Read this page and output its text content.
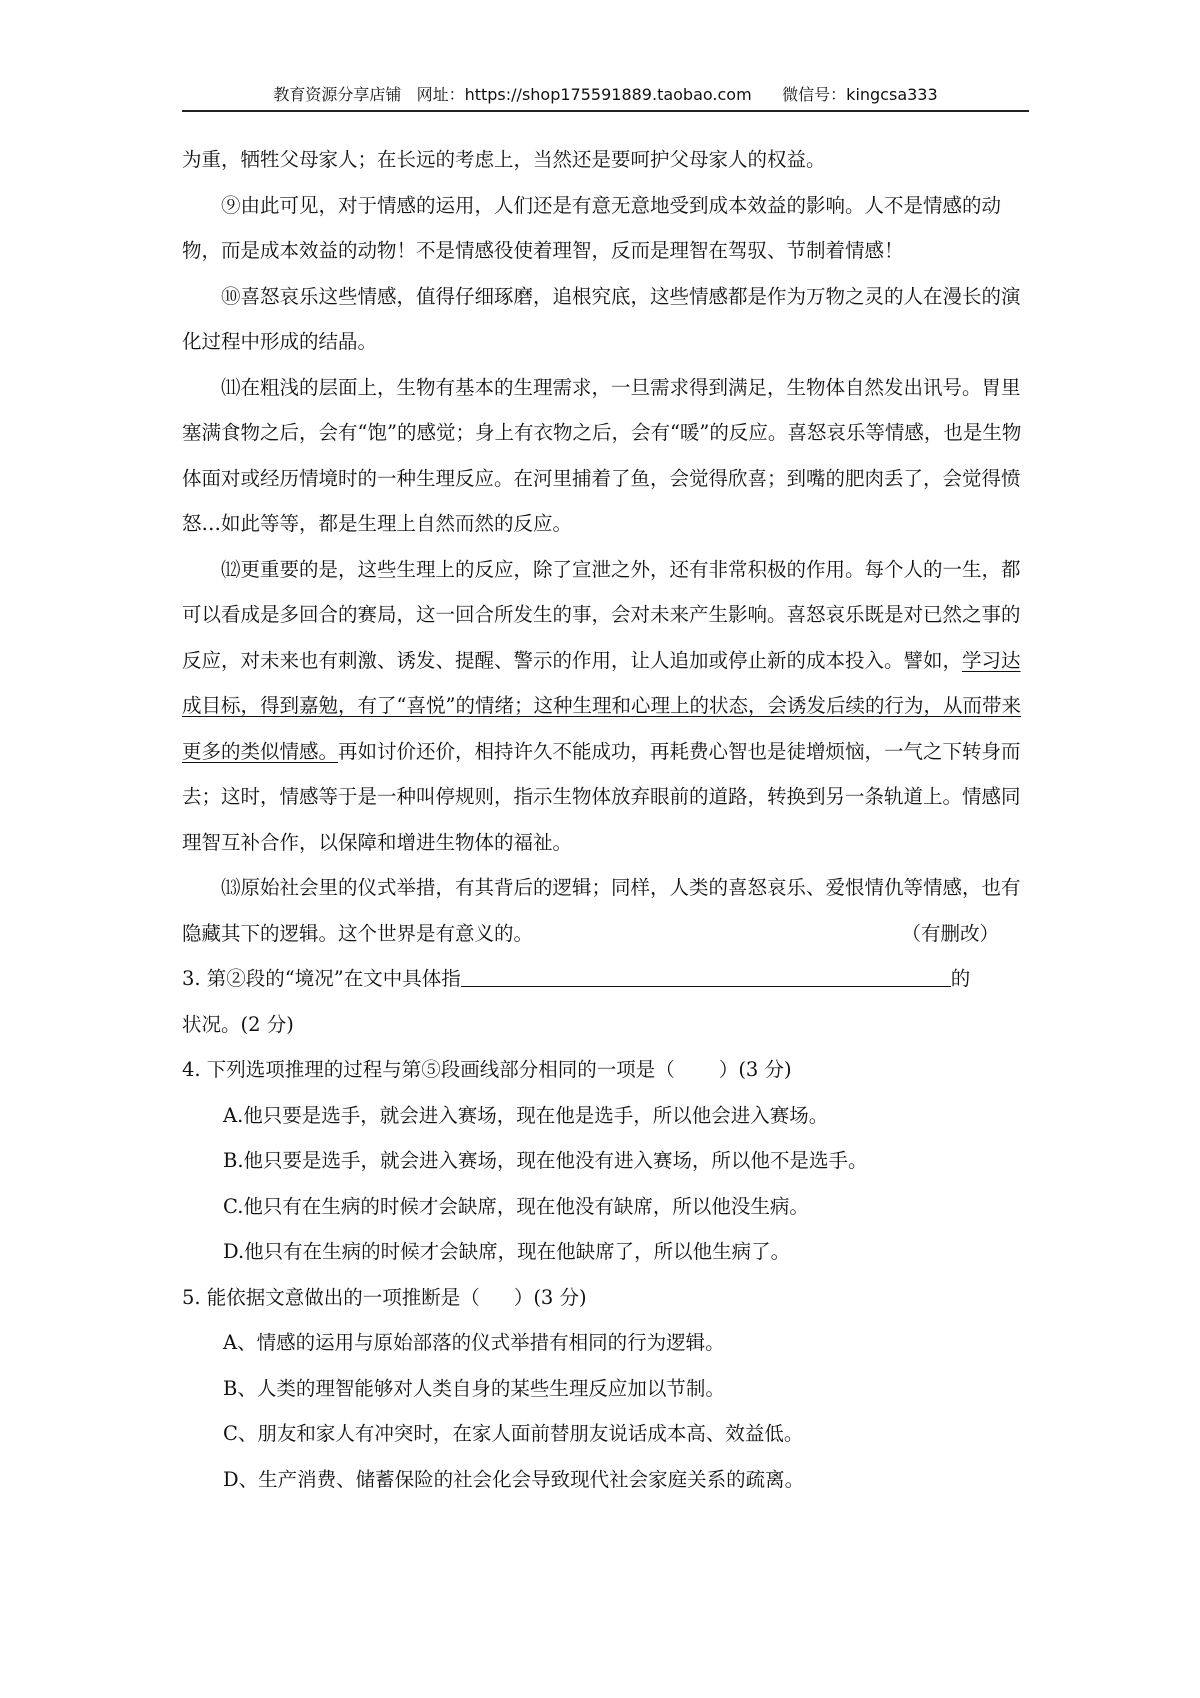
教育资源分享店铺   网址：https://shop175591889.taobao.com      微信号：kingcsa333

为重，牺牲父母家人；在长远的考虑上，当然还是要呵护父母家人的权益。

⑨由此可见，对于情感的运用，人们还是有意无意地受到成本效益的影响。人不是情感的动物，而是成本效益的动物！不是情感役使着理智，反而是理智在驾驭、节制着情感！

⑩喜怒哀乐这些情感，值得仔细琢磨，追根究底，这些情感都是作为万物之灵的人在漫长的演化过程中形成的结晶。

⑾在粗浅的层面上，生物有基本的生理需求，一旦需求得到满足，生物体自然发出讯号。胃里塞满食物之后，会有“饱”的感觉；身上有衣物之后，会有“暖”的反应。喜怒哀乐等情感，也是生物体面对或经历情境时的一种生理反应。在河里捕着了鱼，会觉得欣喜；到嘴的肥肉丢了，会觉得愤怒…如此等等，都是生理上自然而然的反应。

⑿更重要的是，这些生理上的反应，除了宣泄之外，还有非常积极的作用。每个人的一生，都可以看成是多回合的赛局，这一回合所发生的事，会对未来产生影响。喜怒哀乐既是对已然之事的反应，对未来也有刺激、诱发、提醒、警示的作用，让人追加或停止新的成本投入。譬如，学习达成目标，得到嘉勉，有了“喜悦”的情绪；这种生理和心理上的状态，会诱发后续的行为，从而带来更多的类似情感。再如讨价还价，相持许久不能成功，再耗费心智也是徒增烦恼，一气之下转身而去；这时，情感等于是一种叫停规则，指示生物体放弃眼前的道路，转换到另一条轨道上。情感同理智互补合作，以保障和增进生物体的福祉。

⒀原始社会里的仪式举措，有其背后的逻辑；同样，人类的喜怒哀乐、爱恨情仇等情感，也有隐藏其下的逻辑。这个世界是有意义的。	（有删改）

3. 第②段的“境况”在文中具体指	的

状况。(2 分)

4. 下列选项推理的过程与第⑤段画线部分相同的一项是（ ）(3 分)

A.他只要是选手，就会进入赛场，现在他是选手，所以他会进入赛场。

B.他只要是选手，就会进入赛场，现在他没有进入赛场，所以他不是选手。

C.他只有在生病的时候才会缺席，现在他没有缺席，所以他没生病。

D.他只有在生病的时候才会缺席，现在他缺席了，所以他生病了。

5. 能依据文意做出的一项推断是（ ）(3 分)

A、情感的运用与原始部落的仪式举措有相同的行为逻辑。

B、人类的理智能够对人类自身的某些生理反应加以节制。

C、朋友和家人有冲突时，在家人面前替朋友说话成本高、效益低。

D、生产消费、储蓄保险的社会化会导致现代社会家庭关系的疏离。
